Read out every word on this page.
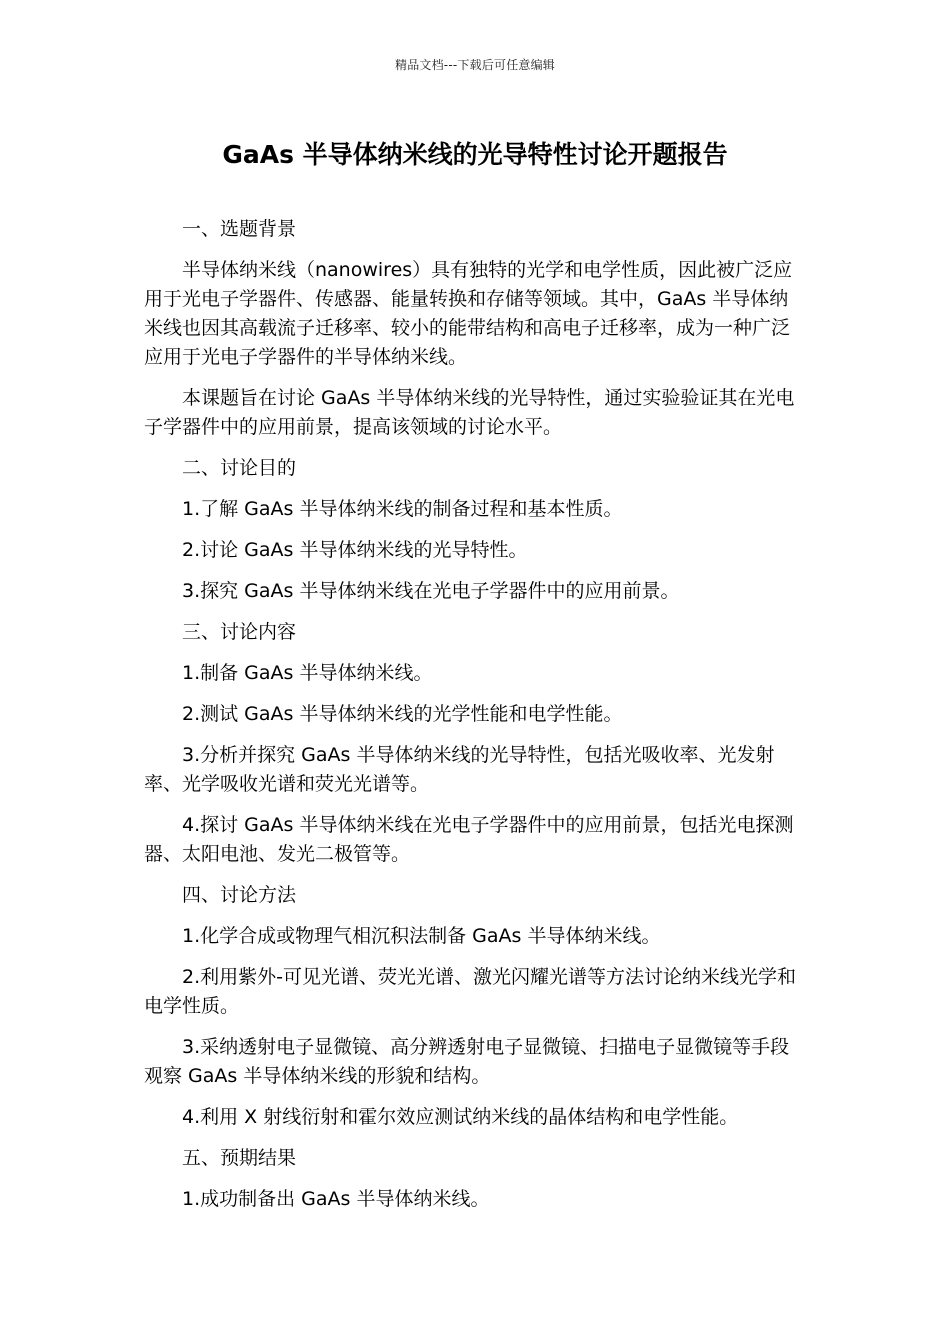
精品文档---下载后可任意编辑
GaAs 半导体纳米线的光导特性讨论开题报告

一、选题背景

半导体纳米线（nanowires）具有独特的光学和电学性质，因此被广泛应用于光电子学器件、传感器、能量转换和存储等领域。其中，GaAs 半导体纳米线也因其高载流子迁移率、较小的能带结构和高电子迁移率，成为一种广泛应用于光电子学器件的半导体纳米线。

本课题旨在讨论 GaAs 半导体纳米线的光导特性，通过实验验证其在光电子学器件中的应用前景，提高该领域的讨论水平。

二、讨论目的

1.了解 GaAs 半导体纳米线的制备过程和基本性质。

2.讨论 GaAs 半导体纳米线的光导特性。

3.探究 GaAs 半导体纳米线在光电子学器件中的应用前景。

三、讨论内容

1.制备 GaAs 半导体纳米线。

2.测试 GaAs 半导体纳米线的光学性能和电学性能。

3.分析并探究 GaAs 半导体纳米线的光导特性，包括光吸收率、光发射率、光学吸收光谱和荧光光谱等。

4.探讨 GaAs 半导体纳米线在光电子学器件中的应用前景，包括光电探测器、太阳电池、发光二极管等。

四、讨论方法

1.化学合成或物理气相沉积法制备 GaAs 半导体纳米线。

2.利用紫外-可见光谱、荧光光谱、激光闪耀光谱等方法讨论纳米线光学和电学性质。

3.采纳透射电子显微镜、高分辨透射电子显微镜、扫描电子显微镜等手段观察 GaAs 半导体纳米线的形貌和结构。

4.利用 X 射线衍射和霍尔效应测试纳米线的晶体结构和电学性能。

五、预期结果

1.成功制备出 GaAs 半导体纳米线。
